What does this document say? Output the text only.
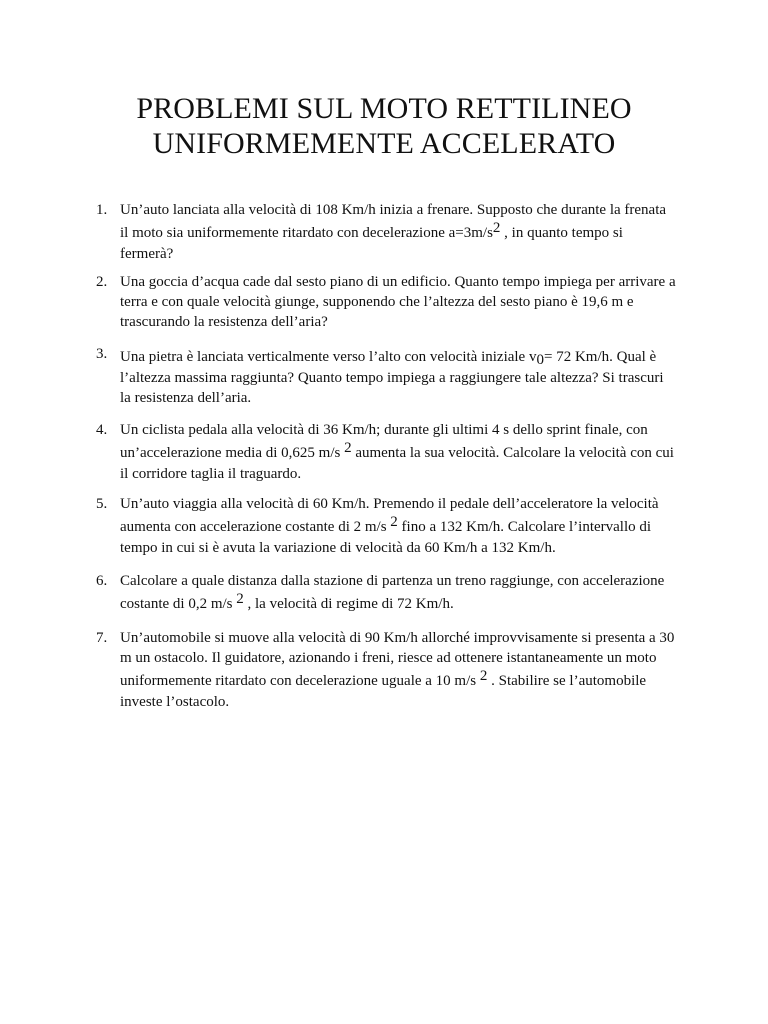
PROBLEMI SUL MOTO RETTILINEO
UNIFORMEMENTE ACCELERATO
1. Un’auto lanciata alla velocità di 108 Km/h inizia a frenare. Supposto che durante la frenata
il moto sia uniformemente ritardato con decelerazione a=3m/s2 , in quanto tempo si
fermerà?
2. Una goccia d’acqua cade dal sesto piano di un edificio. Quanto tempo impiega per arrivare a
terra e con quale velocità giunge, supponendo che l’altezza del sesto piano è 19,6 m e
trascurando la resistenza dell’aria?
3. Una pietra è lanciata verticalmente verso l’alto con velocità iniziale v0= 72 Km/h. Qual è
l’altezza massima raggiunta? Quanto tempo impiega a raggiungere tale altezza? Si trascuri
la resistenza dell’aria.
4. Un ciclista pedala alla velocità di 36 Km/h; durante gli ultimi 4 s dello sprint finale, con
un’accelerazione media di 0,625 m/s 2 aumenta la sua velocità. Calcolare la velocità con cui
il corridore taglia il traguardo.
5. Un’auto viaggia alla velocità di 60 Km/h. Premendo il pedale dell’acceleratore la velocità
aumenta con accelerazione costante di 2 m/s 2 fino a 132 Km/h. Calcolare l’intervallo di
tempo in cui si è avuta la variazione di velocità da 60 Km/h a 132 Km/h.
6. Calcolare a quale distanza dalla stazione di partenza un treno raggiunge, con accelerazione
costante di 0,2 m/s 2 , la velocità di regime di 72 Km/h.
7. Un’automobile si muove alla velocità di 90 Km/h allorché improvvisamente si presenta a 30
m un ostacolo. Il guidatore, azionando i freni, riesce ad ottenere istantaneamente un moto
uniformemente ritardato con decelerazione uguale a 10 m/s 2 . Stabilire se l’automobile
investe l’ostacolo.
